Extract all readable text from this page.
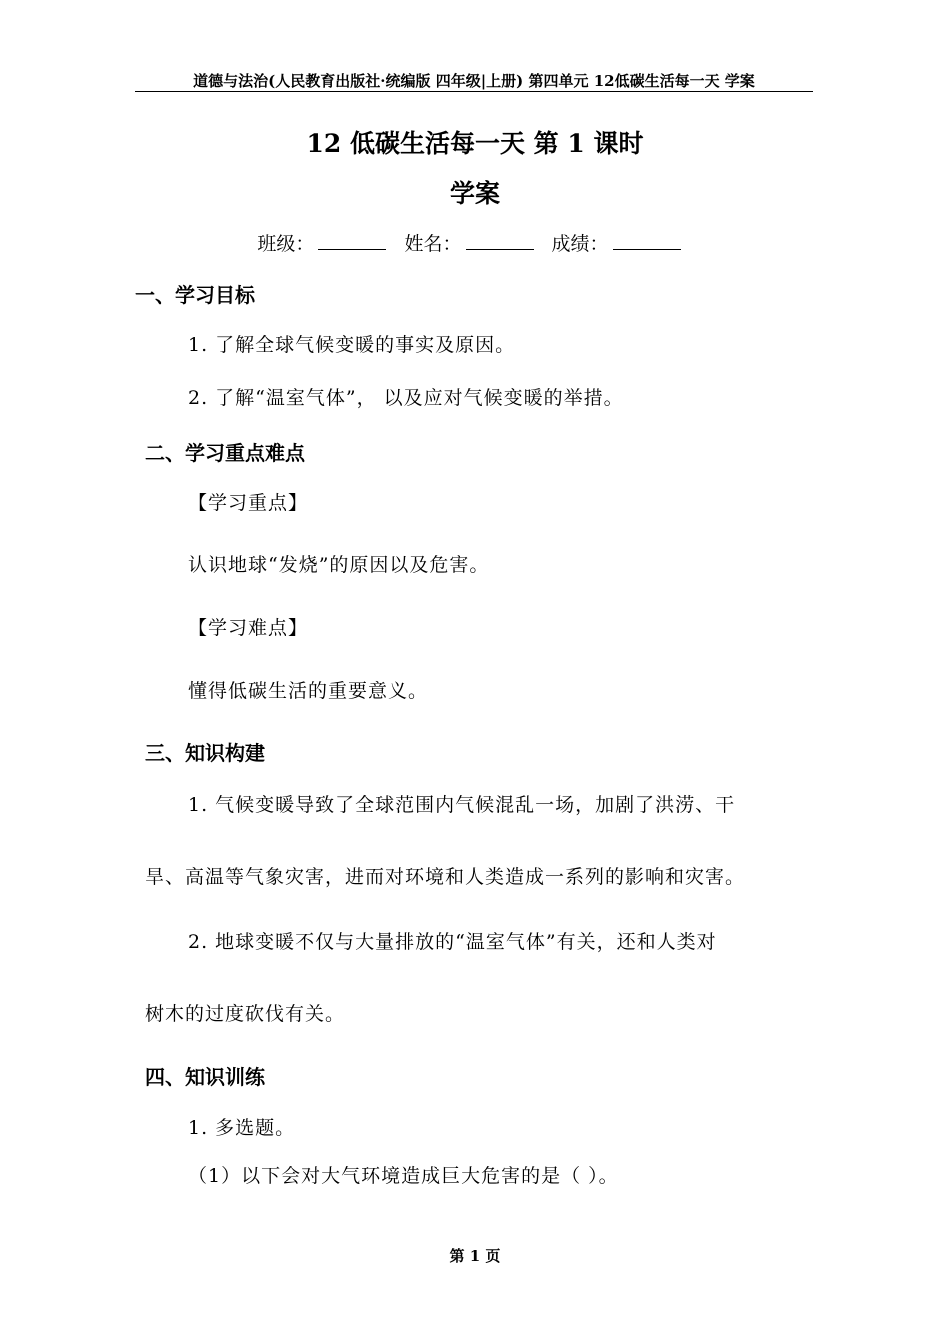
道德与法治(人民教育出版社·统编版 四年级|上册) 第四单元 12低碳生活每一天 学案
12 低碳生活每一天 第 1 课时
学案
班级：	姓名：	成绩：
一、学习目标
1. 了解全球气候变暖的事实及原因。
2. 了解“温室气体”， 以及应对气候变暖的举措。
二、学习重点难点
【学习重点】
认识地球“发烧”的原因以及危害。
【学习难点】
懂得低碳生活的重要意义。
三、知识构建
1. 气候变暖导致了全球范围内气候混乱一场，加剧了洪涝、干
旱、高温等气象灾害，进而对环境和人类造成一系列的影响和灾害。
2. 地球变暖不仅与大量排放的“温室气体”有关，还和人类对
树木的过度砍伐有关。
四、知识训练
1. 多选题。
（1）以下会对大气环境造成巨大危害的是（ ）。
第 1 页
